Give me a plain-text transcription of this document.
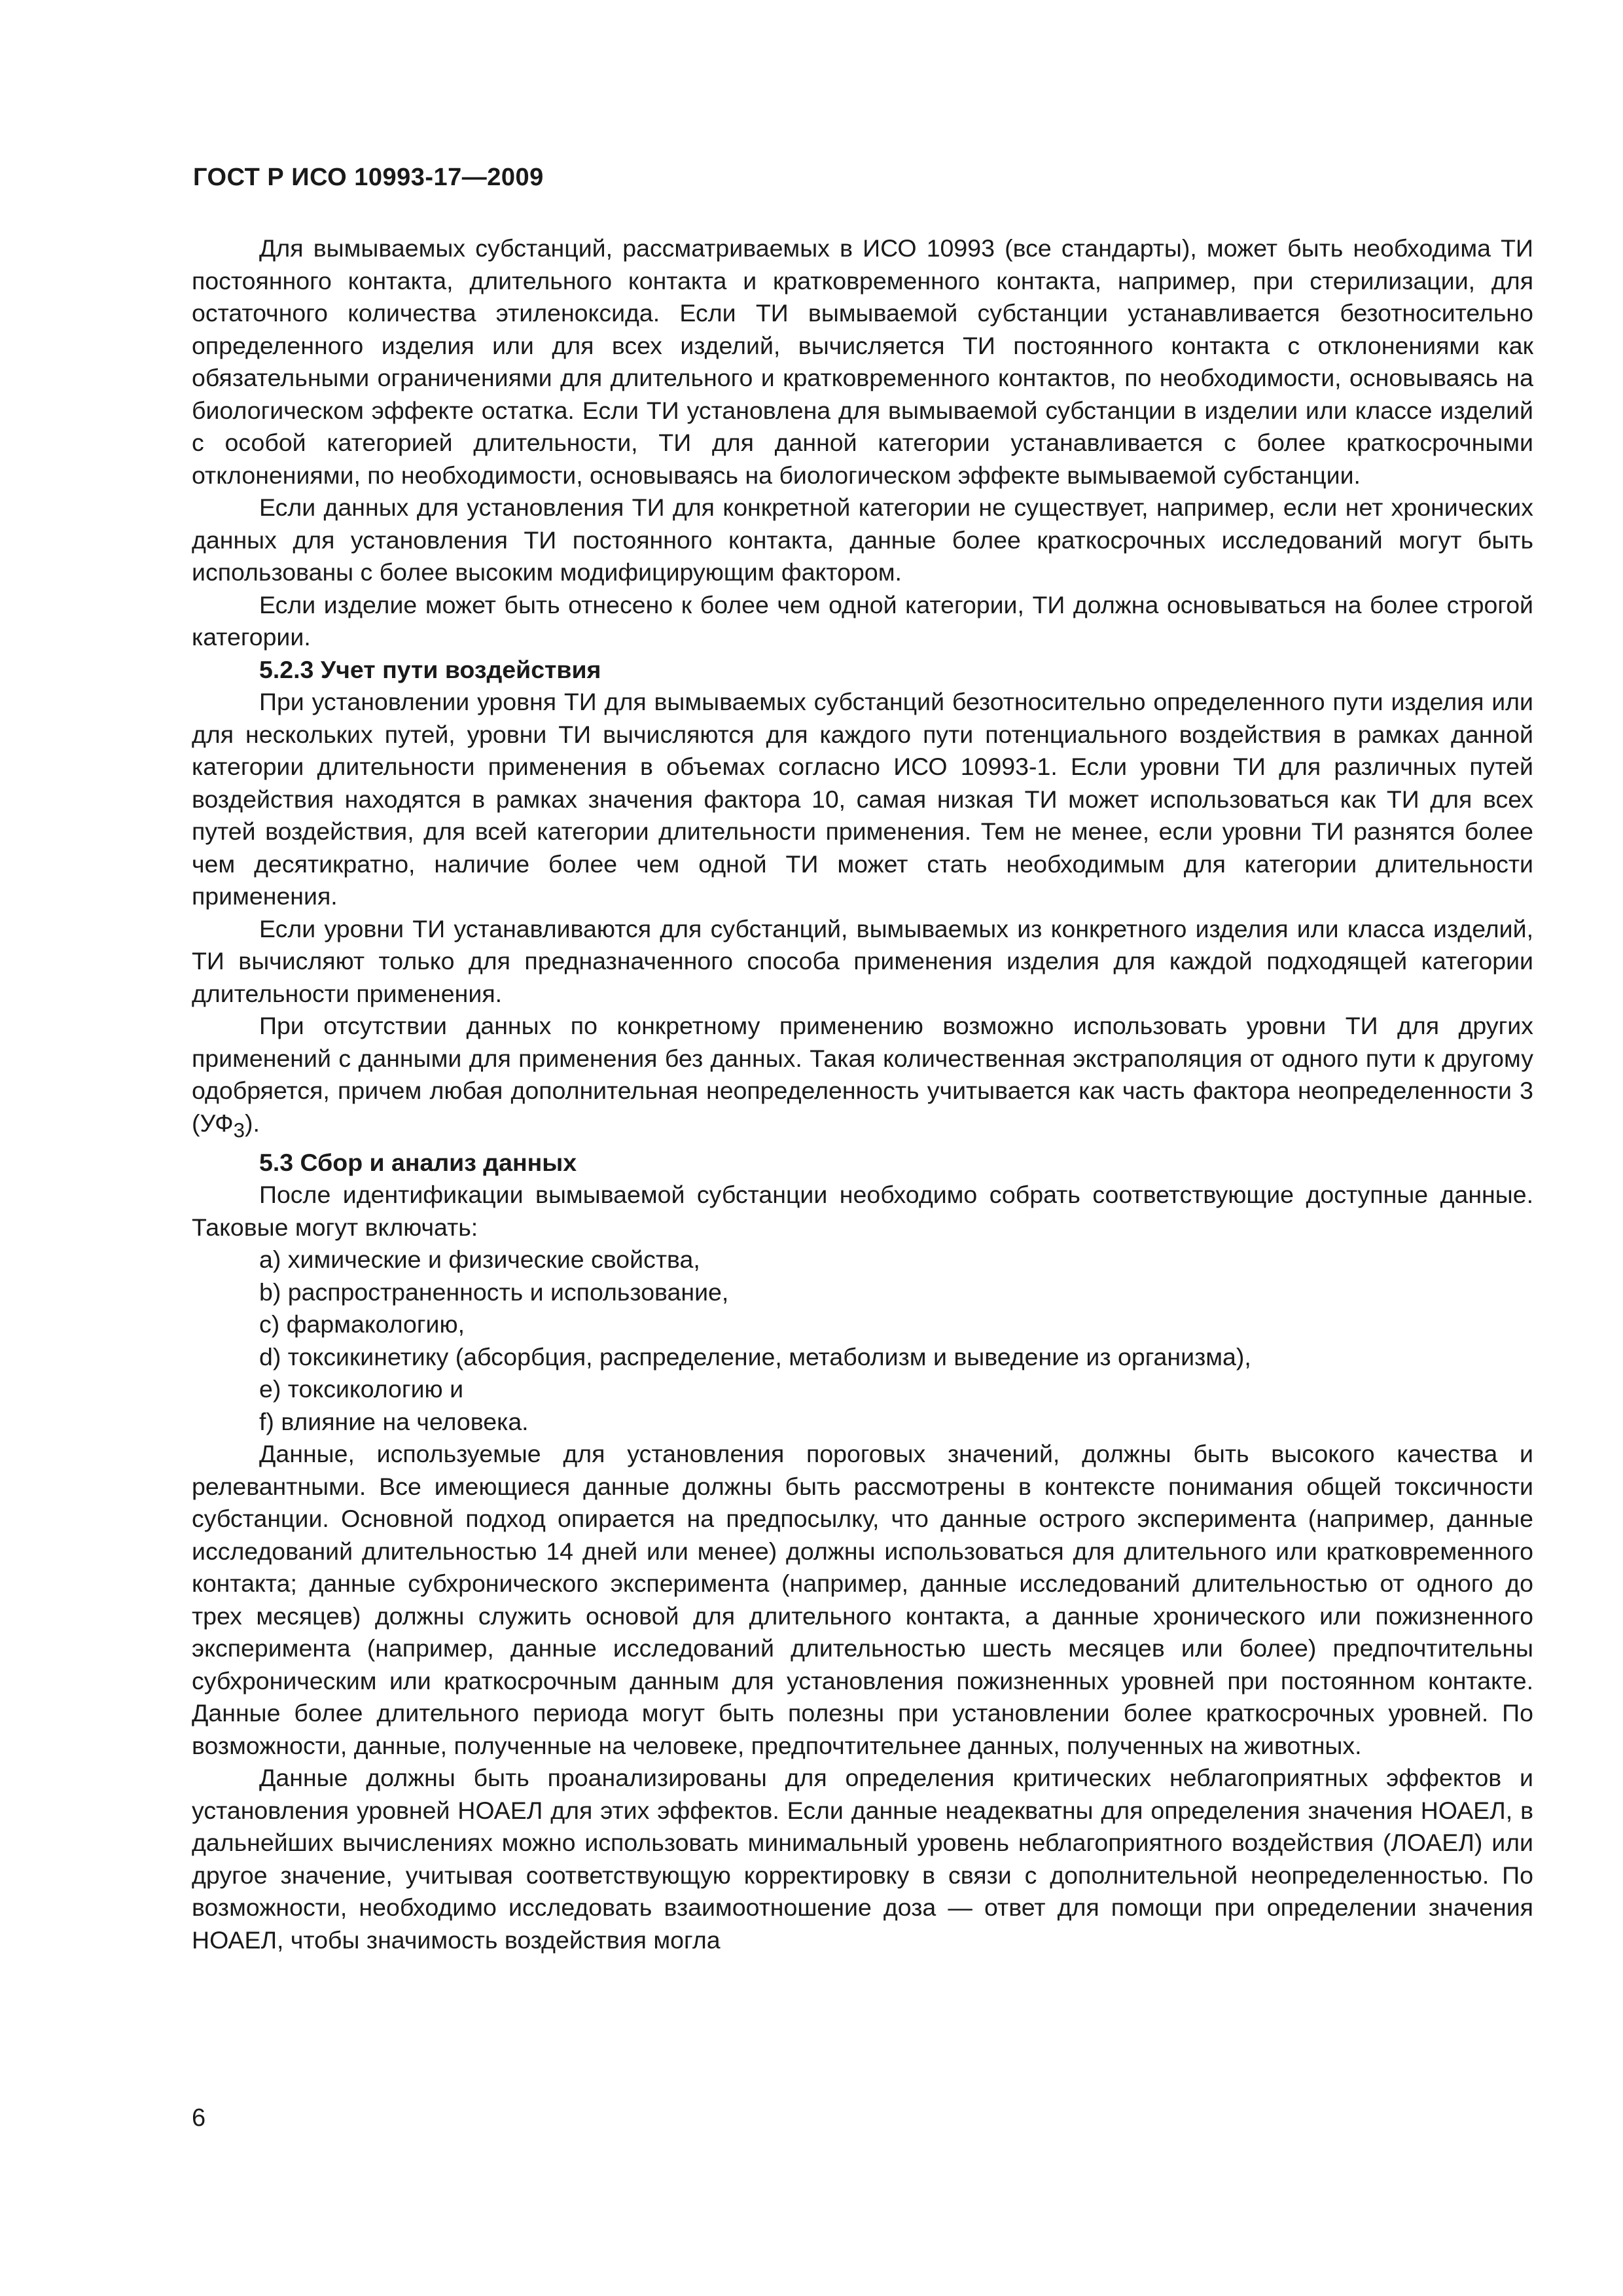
ГОСТ Р ИСО 10993-17—2009

Для вымываемых субстанций, рассматриваемых в ИСО 10993 (все стандарты), может быть необходима ТИ постоянного контакта, длительного контакта и кратковременного контакта, например, при стерилизации, для остаточного количества этиленоксида. Если ТИ вымываемой субстанции устанавливается безотносительно определенного изделия или для всех изделий, вычисляется ТИ постоянного контакта с отклонениями как обязательными ограничениями для длительного и кратковременного контактов, по необходимости, основываясь на биологическом эффекте остатка. Если ТИ установлена для вымываемой субстанции в изделии или классе изделий с особой категорией длительности, ТИ для данной категории устанавливается с более краткосрочными отклонениями, по необходимости, основываясь на биологическом эффекте вымываемой субстанции.

Если данных для установления ТИ для конкретной категории не существует, например, если нет хронических данных для установления ТИ постоянного контакта, данные более краткосрочных исследований могут быть использованы с более высоким модифицирующим фактором.

Если изделие может быть отнесено к более чем одной категории, ТИ должна основываться на более строгой категории.

5.2.3 Учет пути воздействия

При установлении уровня ТИ для вымываемых субстанций безотносительно определенного пути изделия или для нескольких путей, уровни ТИ вычисляются для каждого пути потенциального воздействия в рамках данной категории длительности применения в объемах согласно ИСО 10993-1. Если уровни ТИ для различных путей воздействия находятся в рамках значения фактора 10, самая низкая ТИ может использоваться как ТИ для всех путей воздействия, для всей категории длительности применения. Тем не менее, если уровни ТИ разнятся более чем десятикратно, наличие более чем одной ТИ может стать необходимым для категории длительности применения.

Если уровни ТИ устанавливаются для субстанций, вымываемых из конкретного изделия или класса изделий, ТИ вычисляют только для предназначенного способа применения изделия для каждой подходящей категории длительности применения.

При отсутствии данных по конкретному применению возможно использовать уровни ТИ для других применений с данными для применения без данных. Такая количественная экстраполяция от одного пути к другому одобряется, причем любая дополнительная неопределенность учитывается как часть фактора неопределенности 3 $(УФ_3)$.

5.3 Сбор и анализ данных

После идентификации вымываемой субстанции необходимо собрать соответствующие доступные данные. Таковые могут включать:

a) химические и физические свойства,
b) распространенность и использование,
c) фармакологию,
d) токсикинетику (абсорбция, распределение, метаболизм и выведение из организма),
e) токсикологию и
f) влияние на человека.

Данные, используемые для установления пороговых значений, должны быть высокого качества и релевантными. Все имеющиеся данные должны быть рассмотрены в контексте понимания общей токсичности субстанции. Основной подход опирается на предпосылку, что данные острого эксперимента (например, данные исследований длительностью 14 дней или менее) должны использоваться для длительного или кратковременного контакта; данные субхронического эксперимента (например, данные исследований длительностью от одного до трех месяцев) должны служить основой для длительного контакта, а данные хронического или пожизненного эксперимента (например, данные исследований длительностью шесть месяцев или более) предпочтительны субхроническим или краткосрочным данным для установления пожизненных уровней при постоянном контакте. Данные более длительного периода могут быть полезны при установлении более краткосрочных уровней. По возможности, данные, полученные на человеке, предпочтительнее данных, полученных на животных.

Данные должны быть проанализированы для определения критических неблагоприятных эффектов и установления уровней НОАЕЛ для этих эффектов. Если данные неадекватны для определения значения НОАЕЛ, в дальнейших вычислениях можно использовать минимальный уровень неблагоприятного воздействия (ЛОАЕЛ) или другое значение, учитывая соответствующую корректировку в связи с дополнительной неопределенностью. По возможности, необходимо исследовать взаимоотношение доза — ответ для помощи при определении значения НОАЕЛ, чтобы значимость воздействия могла

6
